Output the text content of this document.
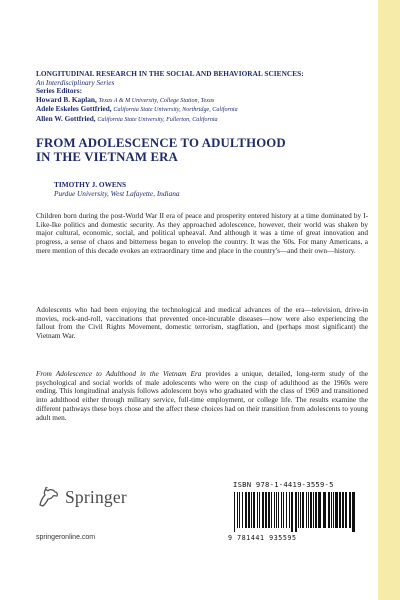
LONGITUDINAL RESEARCH IN THE SOCIAL AND BEHAVIORAL SCIENCES:
An Interdisciplinary Series
Series Editors:
Howard B. Kaplan, Texas A & M University, College Station, Texas
Adele Eskeles Gottfried, California State University, Northridge, California
Allen W. Gottfried, California State University, Fullerton, California
FROM ADOLESCENCE TO ADULTHOOD
IN THE VIETNAM ERA
TIMOTHY J. OWENS
Purdue University, West Lafayette, Indiana

Children born during the post-World War II era of peace and prosperity entered history at a time dominated by I-Like-Ike politics and domestic security. As they approached adolescence, however, their world was shaken by major cultural, economic, social, and political upheaval. And although it was a time of great innovation and progress, a sense of chaos and bitterness began to envelop the country. It was the '60s. For many Americans, a mere mention of this decade evokes an extraordinary time and place in the country's—and their own—history.

Adolescents who had been enjoying the technological and medical advances of the era—television, drive-in movies, rock-and-roll, vaccinations that prevented once-incurable diseases—now were also experiencing the fallout from the Civil Rights Movement, domestic terrorism, stagflation, and (perhaps most significant) the Vietnam War.

From Adolescence to Adulthood in the Vietnam Era provides a unique, detailed, long-term study of the psychological and social worlds of male adolescents who were on the cusp of adulthood as the 1960s were ending. This longitudinal analysis follows adolescent boys who graduated with the class of 1969 and transitioned into adulthood either through military service, full-time employment, or college life. The results examine the different pathways these boys chose and the affect these choices had on their transition from adolescents to young adult men.

Springer
springeronline.com
ISBN 978-1-4419-3559-5
9 781441 935595
